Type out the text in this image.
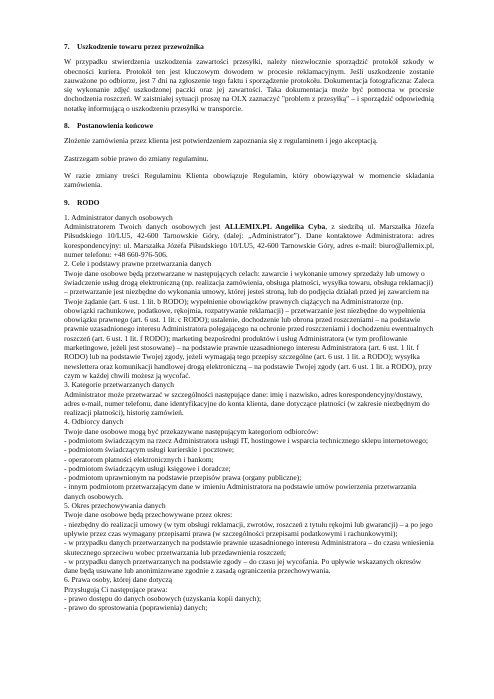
7. Uszkodzenie towaru przez przewoźnika

W przypadku stwierdzenia uszkodzenia zawartości przesyłki, należy niezwłocznie sporządzić protokół szkody w obecności kuriera. Protokół ten jest kluczowym dowodem w procesie reklamacyjnym. Jeśli uszkodzenie zostanie zauważone po odbiorze, jest 7 dni na zgłoszenie tego faktu i sporządzenie protokołu. Dokumentacja fotograficzna: Zaleca się wykonanie zdjęć uszkodzonej paczki oraz jej zawartości. Taka dokumentacja może być pomocna w procesie dochodzenia roszczeń. W zaistniałej sytuacji proszę na OLX zaznaczyć "problem z przesyłką" – i sporządzić odpowiednią notatkę informującą o uszkodzeniu przesyłki w transporcie.

8. Postanowienia końcowe

Złożenie zamówienia przez klienta jest potwierdzeniem zapoznania się z regulaminem i jego akceptacją.

Zastrzegam sobie prawo do zmiany regulaminu.

W razie zmiany treści Regulaminu Klienta obowiązuje Regulamin, który obowiązywał w momencie składania zamówienia.

9. RODO

1. Administrator danych osobowych

Administratorem Twoich danych osobowych jest ALLEMIX.PL Angelika Cyba, z siedzibą ul. Marszałka Józefa Piłsudskiego 10/LU5, 42-600 Tarnowskie Góry, (dalej: „Administrator”). Dane kontaktowe Administratora: adres korespondencyjny: ul. Marszałka Józefa Piłsudskiego 10/LU5, 42-600 Tarnowskie Góry, adres e-mail: biuro@allemix.pl, numer telefonu: +48 660-976-506.

2. Cele i podstawy prawne przetwarzania danych

Twoje dane osobowe będą przetwarzane w następujących celach: zawarcie i wykonanie umowy sprzedaży lub umowy o świadczenie usług drogą elektroniczną (np. realizacja zamówienia, obsługa płatności, wysyłka towaru, obsługa reklamacji) – przetwarzanie jest niezbędne do wykonania umowy, której jesteś stroną, lub do podjęcia działań przed jej zawarciem na Twoje żądanie (art. 6 ust. 1 lit. b RODO); wypełnienie obowiązków prawnych ciążących na Administratorze (np. obowiązki rachunkowe, podatkowe, rękojmia, rozpatrywanie reklamacji) – przetwarzanie jest niezbędne do wypełnienia obowiązku prawnego (art. 6 ust. 1 lit. c RODO); ustalenie, dochodzenie lub obrona przed roszczeniami – na podstawie prawnie uzasadnionego interesu Administratora polegającego na ochronie przed roszczeniami i dochodzeniu ewentualnych roszczeń (art. 6 ust. 1 lit. f RODO); marketing bezpośredni produktów i usług Administratora (w tym profilowanie marketingowe, jeżeli jest stosowane) – na podstawie prawnie uzasadnionego interesu Administratora (art. 6 ust. 1 lit. f RODO) lub na podstawie Twojej zgody, jeżeli wymagają tego przepisy szczególne (art. 6 ust. 1 lit. a RODO); wysyłka newslettera oraz komunikacji handlowej drogą elektroniczną – na podstawie Twojej zgody (art. 6 ust. 1 lit. a RODO), przy czym w każdej chwili możesz ją wycofać.

3. Kategorie przetwarzanych danych

Administrator może przetwarzać w szczególności następujące dane: imię i nazwisko, adres korespondencyjny/dostawy, adres e-mail, numer telefonu, dane identyfikacyjne do konta klienta, dane dotyczące płatności (w zakresie niezbędnym do realizacji płatności), historię zamówień.

4. Odbiorcy danych

Twoje dane osobowe mogą być przekazywane następującym kategoriom odbiorców:

- podmiotom świadczącym na rzecz Administratora usługi IT, hostingowe i wsparcia technicznego sklepu internetowego;

- podmiotom świadczącym usługi kurierskie i pocztowe;

- operatorom płatności elektronicznych i bankom;

- podmiotom świadczącym usługi księgowe i doradcze;

- podmiotom uprawnionym na podstawie przepisów prawa (organy publiczne);

- innym podmiotom przetwarzającym dane w imieniu Administratora na podstawie umów powierzenia przetwarzania danych osobowych.

5. Okres przechowywania danych

Twoje dane osobowe będą przechowywane przez okres:

- niezbędny do realizacji umowy (w tym obsługi reklamacji, zwrotów, roszczeń z tytułu rękojmi lub gwarancji) – a po jego upływie przez czas wymagany przepisami prawa (w szczególności przepisami podatkowymi i rachunkowymi);

- w przypadku danych przetwarzanych na podstawie prawnie uzasadnionego interesu Administratora – do czasu wniesienia skutecznego sprzeciwu wobec przetwarzania lub przedawnienia roszczeń;

- w przypadku danych przetwarzanych na podstawie zgody – do czasu jej wycofania. Po upływie wskazanych okresów dane będą usuwane lub anonimizowane zgodnie z zasadą ograniczenia przechowywania.

6. Prawa osoby, której dane dotyczą

Przysługują Ci następujące prawa:

- prawo dostępu do danych osobowych (uzyskania kopii danych);

- prawo do sprostowania (poprawienia) danych;
